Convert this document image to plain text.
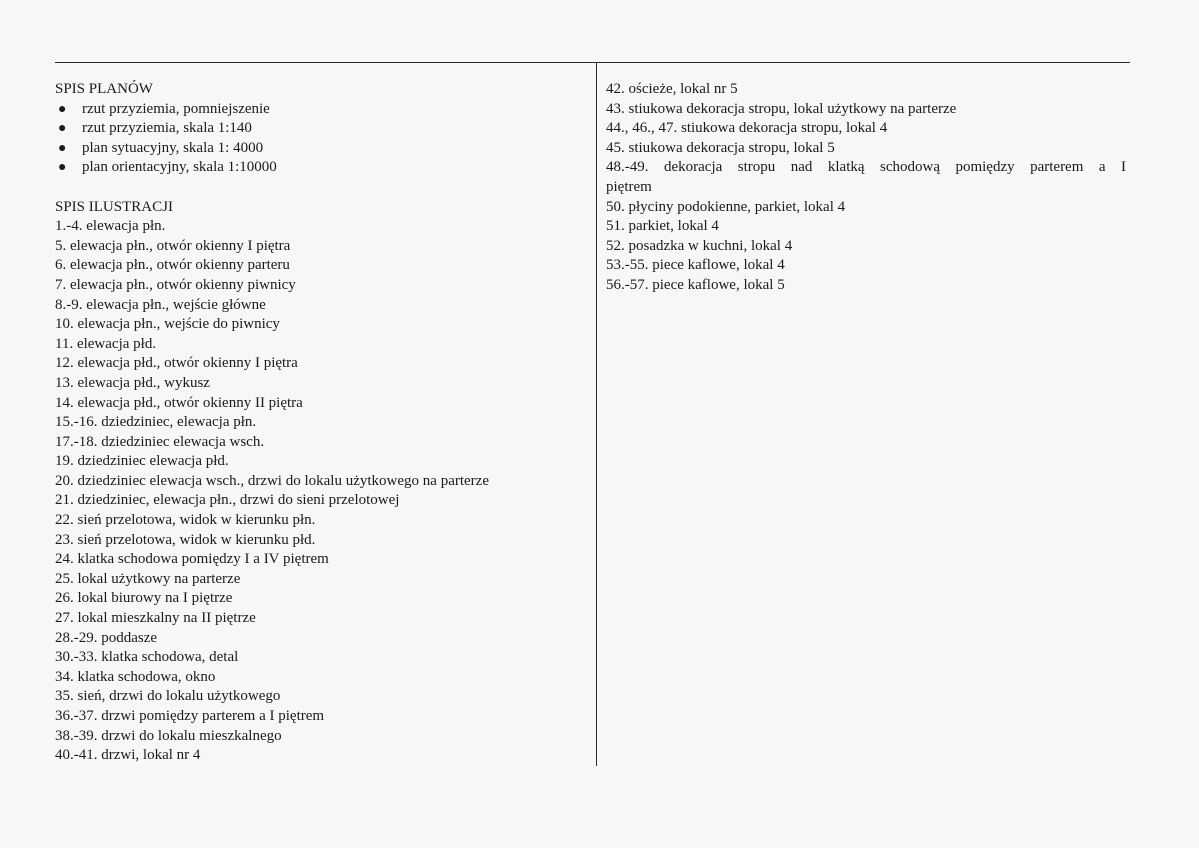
SPIS PLANÓW
● rzut przyziemia, pomniejszenie
● rzut przyziemia, skala 1:140
● plan sytuacyjny, skala 1: 4000
● plan orientacyjny, skala 1:10000
SPIS ILUSTRACJI
1.-4. elewacja płn.
5. elewacja płn., otwór okienny I piętra
6. elewacja płn., otwór okienny parteru
7. elewacja płn., otwór okienny piwnicy
8.-9. elewacja płn., wejście główne
10. elewacja płn., wejście do piwnicy
11. elewacja płd.
12. elewacja płd., otwór okienny I piętra
13. elewacja płd., wykusz
14. elewacja płd., otwór okienny II piętra
15.-16. dziedziniec, elewacja płn.
17.-18. dziedziniec elewacja wsch.
19. dziedziniec elewacja płd.
20. dziedziniec elewacja wsch., drzwi do lokalu użytkowego na parterze
21. dziedziniec, elewacja płn., drzwi do sieni przelotowej
22. sień przelotowa, widok w kierunku płn.
23. sień przelotowa, widok w kierunku płd.
24. klatka schodowa pomiędzy I a IV piętrem
25. lokal użytkowy na parterze
26. lokal biurowy na I piętrze
27. lokal mieszkalny na II piętrze
28.-29. poddasze
30.-33. klatka schodowa, detal
34. klatka schodowa, okno
35. sień, drzwi do lokalu użytkowego
36.-37. drzwi pomiędzy parterem a I piętrem
38.-39. drzwi do lokalu mieszkalnego
40.-41. drzwi, lokal nr 4
42. ościeże, lokal nr 5
43. stiukowa dekoracja stropu, lokal użytkowy na parterze
44., 46., 47. stiukowa dekoracja stropu, lokal 4
45. stiukowa dekoracja stropu, lokal 5
48.-49. dekoracja stropu nad klatką schodową pomiędzy parterem a I
piętrem
50. płyciny podokienne, parkiet, lokal 4
51. parkiet, lokal 4
52. posadzka w kuchni, lokal 4
53.-55. piece kaflowe, lokal 4
56.-57. piece kaflowe, lokal 5
